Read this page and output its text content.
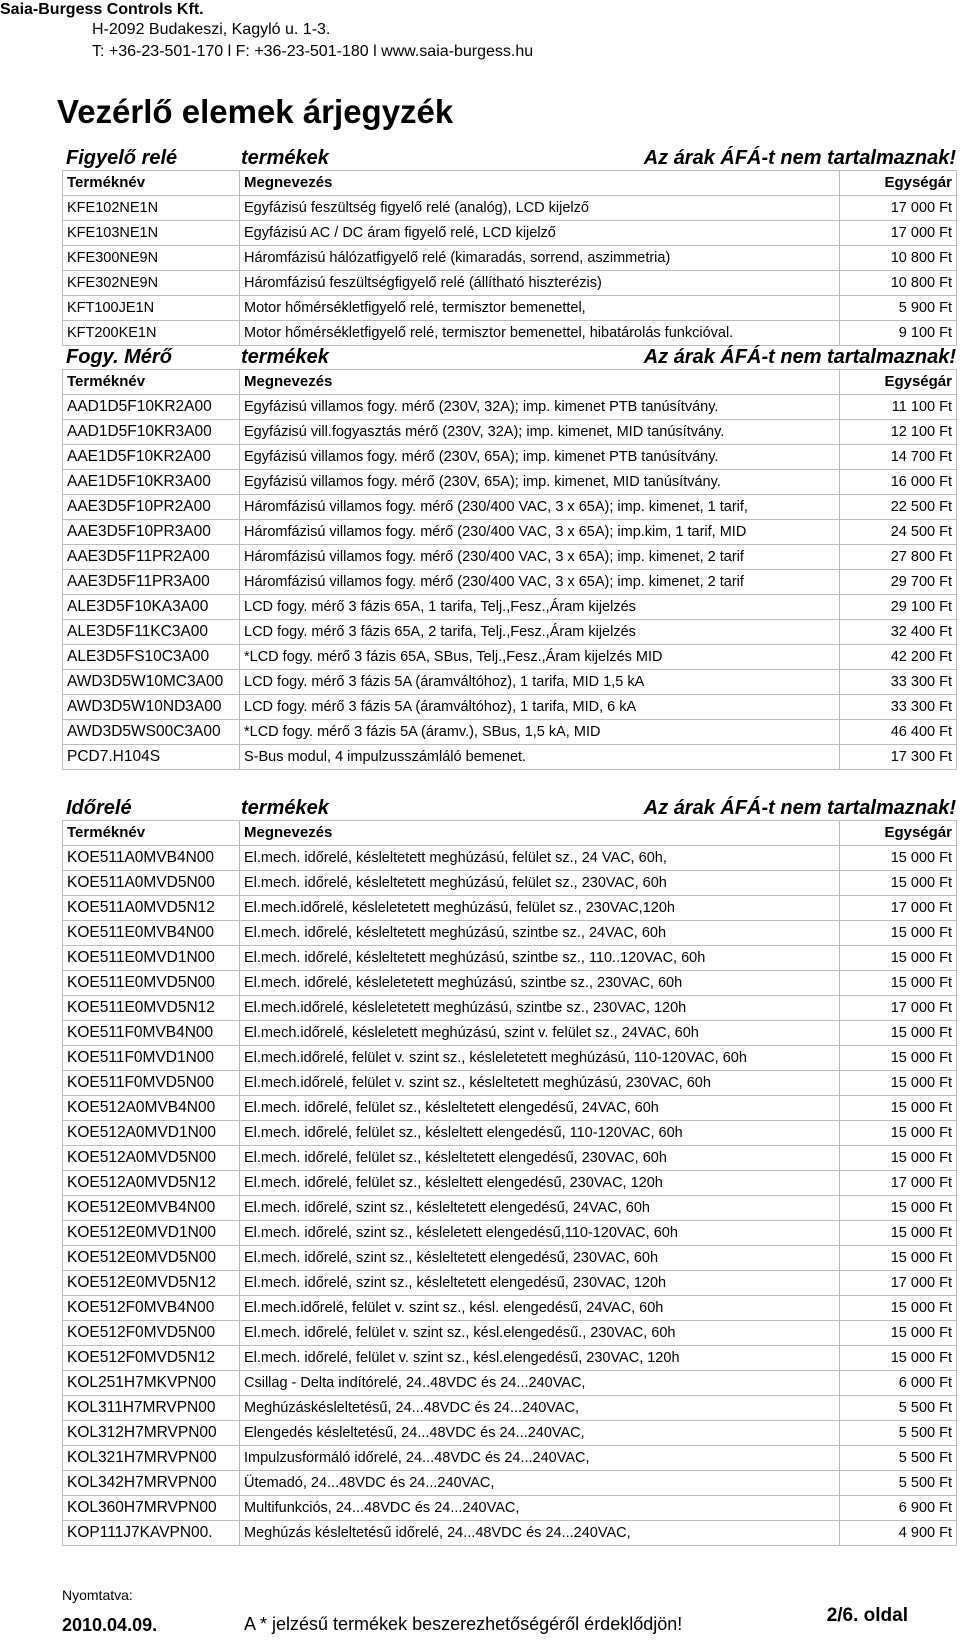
Saia-Burgess Controls Kft.
H-2092 Budakeszi, Kagyló u. 1-3.
T: +36-23-501-170 l F: +36-23-501-180 l www.saia-burgess.hu
Vezérlő elemek árjegyzék
Figyelő relé	termékek	Az árak ÁFÁ-t nem tartalmaznak!
Terméknév	Megnevezés	Egységár
KFE102NE1N	Egyfázisú feszültség figyelő relé (analóg), LCD kijelző	17 000 Ft
KFE103NE1N	Egyfázisú AC / DC áram figyelő relé, LCD kijelző	17 000 Ft
KFE300NE9N	Háromfázisú hálózatfigyelő relé (kimaradás, sorrend, aszimmetria)	10 800 Ft
KFE302NE9N	Háromfázisú feszültségfigyelő relé (állítható hiszterézis)	10 800 Ft
KFT100JE1N	Motor hőmérsékletfigyelő relé, termisztor bemenettel,	5 900 Ft
KFT200KE1N	Motor hőmérsékletfigyelő relé, termisztor bemenettel, hibatárolás funkcióval.	9 100 Ft
Fogy. Mérő	termékek	Az árak ÁFÁ-t nem tartalmaznak!
Terméknév	Megnevezés	Egységár
AAD1D5F10KR2A00	Egyfázisú villamos fogy. mérő (230V, 32A); imp. kimenet PTB tanúsítvány.	11 100 Ft
AAD1D5F10KR3A00	Egyfázisú vill.fogyasztás mérő (230V, 32A); imp. kimenet, MID tanúsítvány.	12 100 Ft
AAE1D5F10KR2A00	Egyfázisú villamos fogy. mérő (230V, 65A); imp. kimenet PTB tanúsítvány.	14 700 Ft
AAE1D5F10KR3A00	Egyfázisú villamos fogy. mérő (230V, 65A); imp. kimenet, MID tanúsítvány.	16 000 Ft
AAE3D5F10PR2A00	Háromfázisú villamos fogy. mérő (230/400 VAC, 3 x 65A); imp. kimenet, 1 tarif,	22 500 Ft
AAE3D5F10PR3A00	Háromfázisú villamos fogy. mérő (230/400 VAC, 3 x 65A); imp.kim, 1 tarif, MID	24 500 Ft
AAE3D5F11PR2A00	Háromfázisú villamos fogy. mérő (230/400 VAC, 3 x 65A); imp. kimenet, 2 tarif	27 800 Ft
AAE3D5F11PR3A00	Háromfázisú villamos fogy. mérő (230/400 VAC, 3 x 65A); imp. kimenet, 2 tarif	29 700 Ft
ALE3D5F10KA3A00	LCD fogy. mérő 3 fázis 65A, 1 tarifa, Telj.,Fesz.,Áram kijelzés	29 100 Ft
ALE3D5F11KC3A00	LCD fogy. mérő 3 fázis 65A, 2 tarifa, Telj.,Fesz.,Áram kijelzés	32 400 Ft
ALE3D5FS10C3A00	*LCD fogy. mérő 3 fázis 65A, SBus, Telj.,Fesz.,Áram kijelzés MID	42 200 Ft
AWD3D5W10MC3A00	LCD fogy. mérő 3 fázis 5A (áramváltóhoz), 1 tarifa, MID 1,5 kA	33 300 Ft
AWD3D5W10ND3A00	LCD fogy. mérő 3 fázis 5A (áramváltóhoz), 1 tarifa, MID, 6 kA	33 300 Ft
AWD3D5WS00C3A00	*LCD fogy. mérő 3 fázis 5A (áramv.), SBus, 1,5 kA, MID	46 400 Ft
PCD7.H104S	S-Bus modul, 4 impulzusszámláló bemenet.	17 300 Ft
Időrelé	termékek	Az árak ÁFÁ-t nem tartalmaznak!
Terméknév	Megnevezés	Egységár
KOE511A0MVB4N00	El.mech. időrelé, késleltetett meghúzású, felület sz., 24 VAC, 60h,	15 000 Ft
KOE511A0MVD5N00	El.mech. időrelé, késleltetett meghúzású, felület sz., 230VAC, 60h	15 000 Ft
KOE511A0MVD5N12	El.mech.időrelé, késleletetett meghúzású, felület sz., 230VAC,120h	17 000 Ft
KOE511E0MVB4N00	El.mech. időrelé, késleltetett meghúzású, szintbe sz., 24VAC, 60h	15 000 Ft
KOE511E0MVD1N00	El.mech. időrelé, késleltetett meghúzású, szintbe sz., 110..120VAC, 60h	15 000 Ft
KOE511E0MVD5N00	El.mech. időrelé, késleletetett meghúzású, szintbe sz., 230VAC, 60h	15 000 Ft
KOE511E0MVD5N12	El.mech.időrelé, késleletetett meghúzású, szintbe sz., 230VAC, 120h	17 000 Ft
KOE511F0MVB4N00	El.mech.időrelé, késleletett meghúzású, szint v. felület sz., 24VAC, 60h	15 000 Ft
KOE511F0MVD1N00	El.mech.időrelé, felület v. szint sz., késleletetett meghúzású, 110-120VAC, 60h	15 000 Ft
KOE511F0MVD5N00	El.mech.időrelé, felület v. szint sz., késleltetett meghúzású, 230VAC, 60h	15 000 Ft
KOE512A0MVB4N00	El.mech. időrelé, felület sz., késleltetett elengedésű, 24VAC, 60h	15 000 Ft
KOE512A0MVD1N00	El.mech. időrelé, felület sz., késleltett elengedésű, 110-120VAC, 60h	15 000 Ft
KOE512A0MVD5N00	El.mech. időrelé, felület sz., késleltetett elengedésű, 230VAC, 60h	15 000 Ft
KOE512A0MVD5N12	El.mech. időrelé, felület sz., késleltett elengedésű, 230VAC, 120h	17 000 Ft
KOE512E0MVB4N00	El.mech. időrelé, szint sz., késleltetett elengedésű, 24VAC, 60h	15 000 Ft
KOE512E0MVD1N00	El.mech. időrelé, szint sz., késleletett elengedésű,110-120VAC, 60h	15 000 Ft
KOE512E0MVD5N00	El.mech. időrelé, szint sz., késleltetett elengedésű, 230VAC, 60h	15 000 Ft
KOE512E0MVD5N12	El.mech. időrelé, szint sz., késleltetett elengedésű, 230VAC, 120h	17 000 Ft
KOE512F0MVB4N00	El.mech.időrelé, felület v. szint sz., késl. elengedésű, 24VAC, 60h	15 000 Ft
KOE512F0MVD5N00	El.mech. időrelé, felület v. szint sz., késl.elengedésű., 230VAC, 60h	15 000 Ft
KOE512F0MVD5N12	El.mech. időrelé, felület v. szint sz., késl.elengedésű, 230VAC, 120h	15 000 Ft
KOL251H7MKVPN00	Csillag - Delta indítórelé, 24..48VDC és 24...240VAC,	6 000 Ft
KOL311H7MRVPN00	Meghúzáskésleltetésű, 24...48VDC és 24...240VAC,	5 500 Ft
KOL312H7MRVPN00	Elengedés késleltetésű, 24...48VDC és 24...240VAC,	5 500 Ft
KOL321H7MRVPN00	Impulzusformáló időrelé, 24...48VDC és 24...240VAC,	5 500 Ft
KOL342H7MRVPN00	Ütemadó, 24...48VDC és 24...240VAC,	5 500 Ft
KOL360H7MRVPN00	Multifunkciós, 24...48VDC és 24...240VAC,	6 900 Ft
KOP111J7KAVPN00.	Meghúzás késleltetésű időrelé, 24...48VDC és 24...240VAC,	4 900 Ft
Nyomtatva:
2010.04.09.	A * jelzésű termékek beszerezhetőségéről érdeklődjön!	2/6. oldal
